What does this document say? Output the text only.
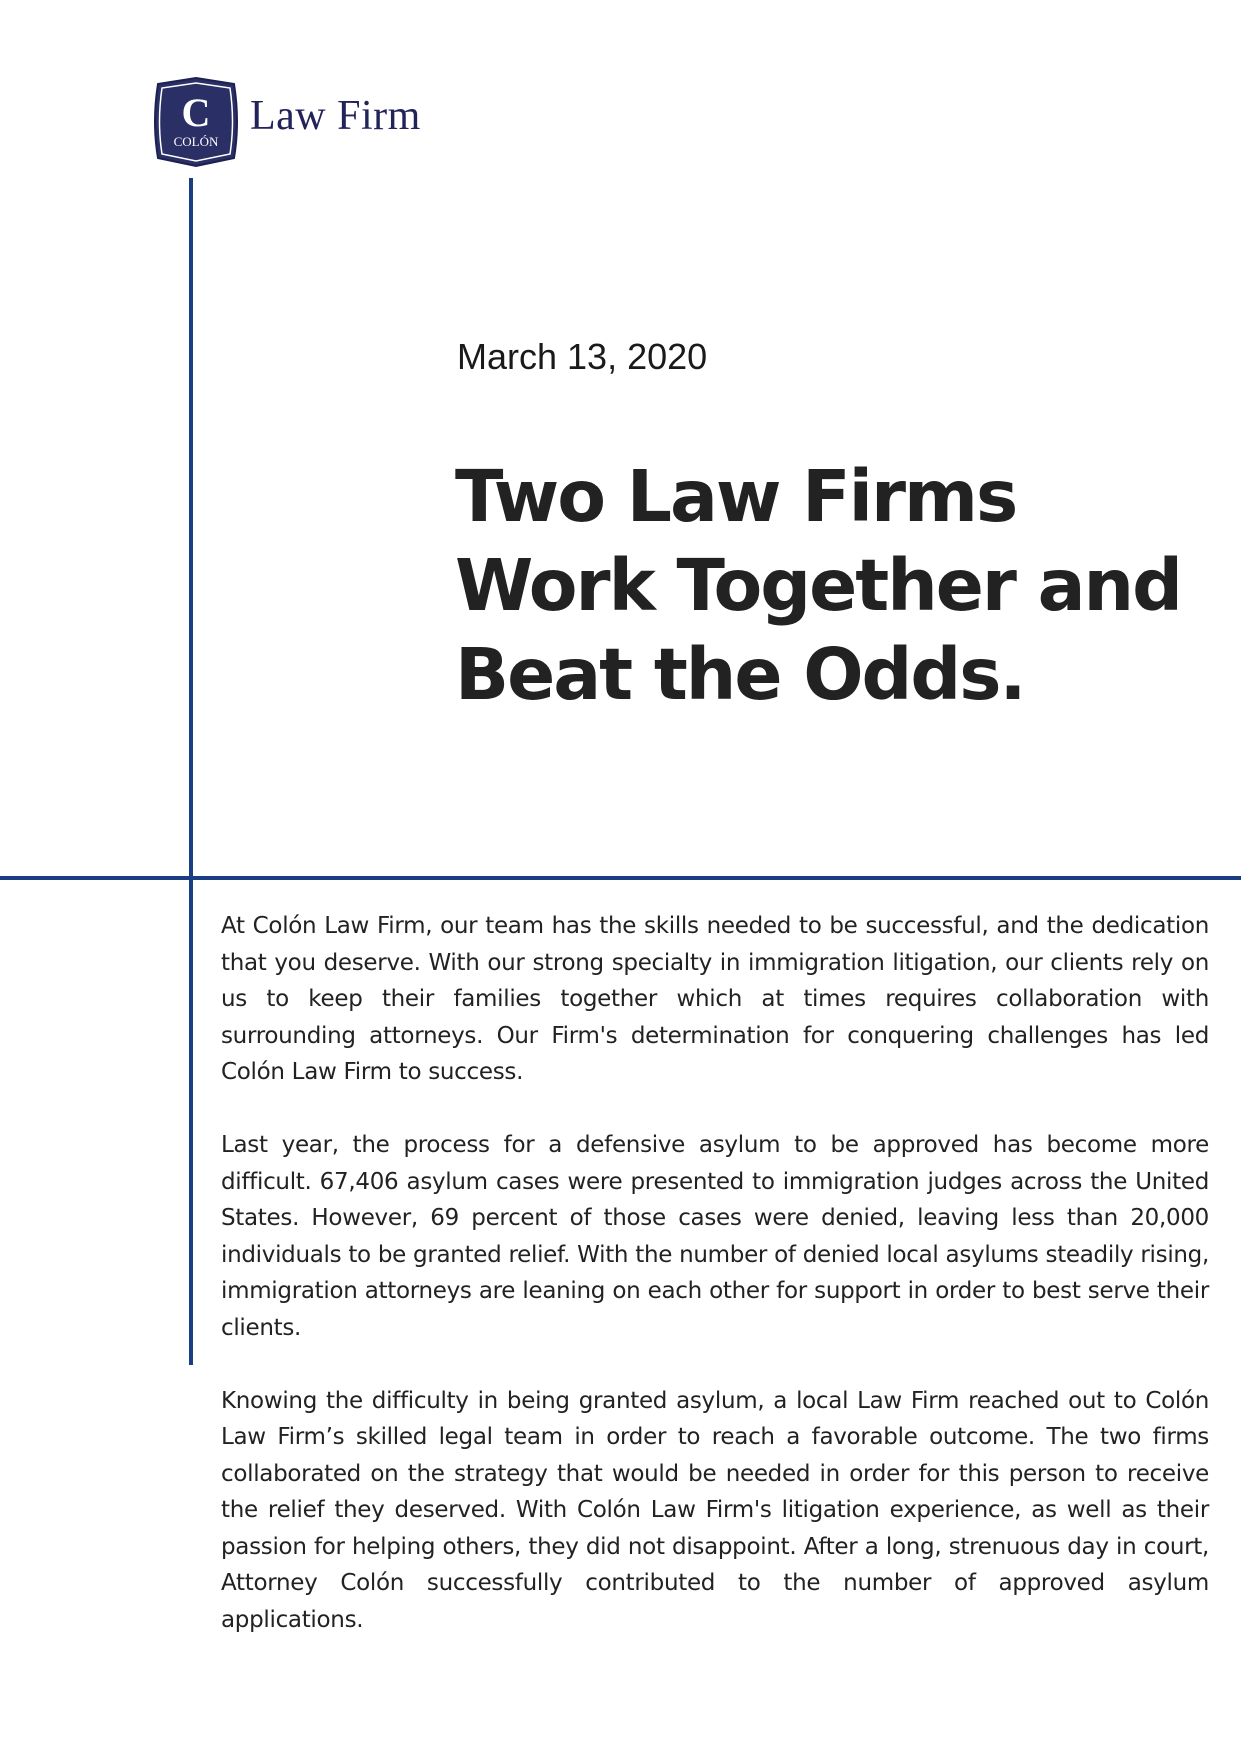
C
COLÓN
Law Firm
March 13, 2020
Two Law Firms Work Together and Beat the Odds.

At Colón Law Firm, our team has the skills needed to be successful, and the dedication that you deserve. With our strong specialty in immigration litigation, our clients rely on us to keep their families together which at times requires collaboration with surrounding attorneys. Our Firm's determination for conquering challenges has led Colón Law Firm to success.

Last year, the process for a defensive asylum to be approved has become more difficult. 67,406 asylum cases were presented to immigration judges across the United States. However, 69 percent of those cases were denied, leaving less than 20,000 individuals to be granted relief. With the number of denied local asylums steadily rising, immigration attorneys are leaning on each other for support in order to best serve their clients.

Knowing the difficulty in being granted asylum, a local Law Firm reached out to Colón Law Firm’s skilled legal team in order to reach a favorable outcome. The two firms collaborated on the strategy that would be needed in order for this person to receive the relief they deserved. With Colón Law Firm's litigation experience, as well as their passion for helping others, they did not disappoint. After a long, strenuous day in court, Attorney Colón successfully contributed to the number of approved asylum applications.
